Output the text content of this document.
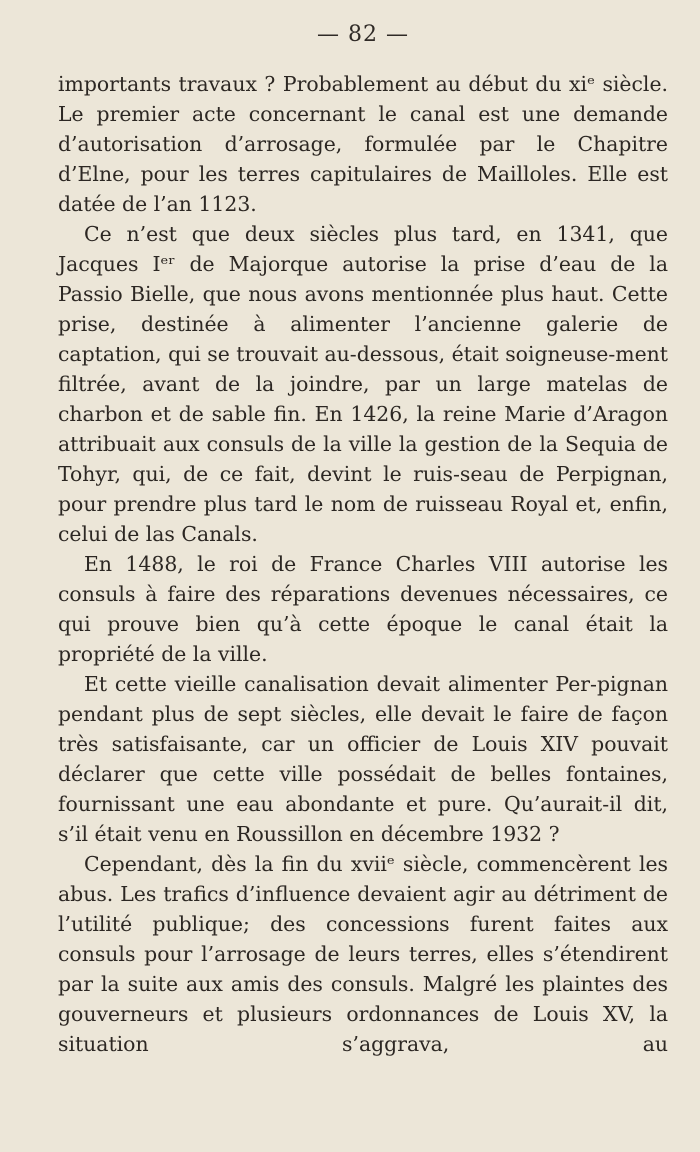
— 82 —

importants travaux ? Probablement au début du xiᵉ siècle. Le premier acte concernant le canal est une demande d’autorisation d’arrosage, formulée par le Chapitre d’Elne, pour les terres capitulaires de Mailloles. Elle est datée de l’an 1123.

Ce n’est que deux siècles plus tard, en 1341, que Jacques Iᵉʳ de Majorque autorise la prise d’eau de la Passio Bielle, que nous avons mentionnée plus haut. Cette prise, destinée à alimenter l’ancienne galerie de captation, qui se trouvait au-dessous, était soigneuse-ment filtrée, avant de la joindre, par un large matelas de charbon et de sable fin. En 1426, la reine Marie d’Aragon attribuait aux consuls de la ville la gestion de la Sequia de Tohyr, qui, de ce fait, devint le ruis-seau de Perpignan, pour prendre plus tard le nom de ruisseau Royal et, enfin, celui de las Canals.

En 1488, le roi de France Charles VIII autorise les consuls à faire des réparations devenues nécessaires, ce qui prouve bien qu’à cette époque le canal était la propriété de la ville.

Et cette vieille canalisation devait alimenter Per-pignan pendant plus de sept siècles, elle devait le faire de façon très satisfaisante, car un officier de Louis XIV pouvait déclarer que cette ville possédait de belles fontaines, fournissant une eau abondante et pure. Qu’aurait-il dit, s’il était venu en Roussillon en décembre 1932 ?

Cependant, dès la fin du xviiᵉ siècle, commencèrent les abus. Les trafics d’influence devaient agir au détriment de l’utilité publique; des concessions furent faites aux consuls pour l’arrosage de leurs terres, elles s’étendirent par la suite aux amis des consuls. Malgré les plaintes des gouverneurs et plusieurs ordonnances de Louis XV, la situation s’aggrava, au
